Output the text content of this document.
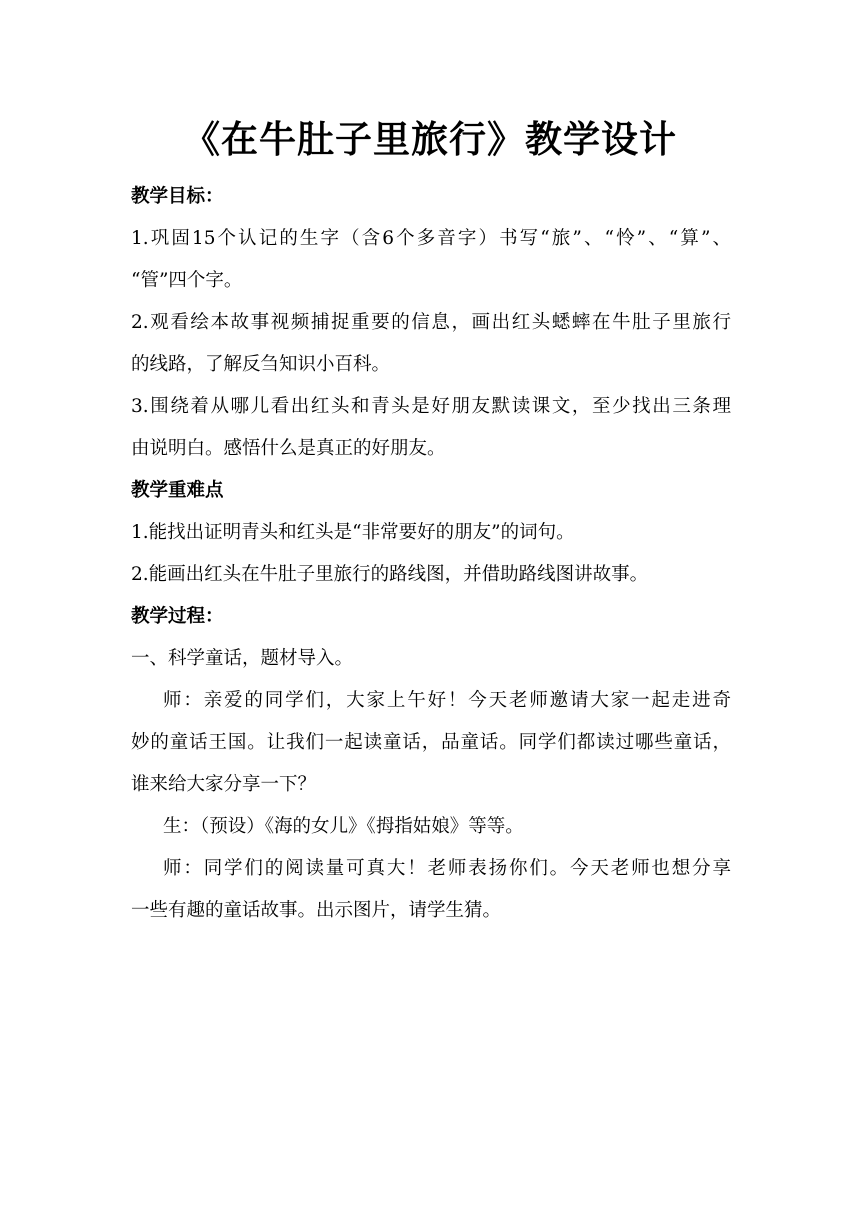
《在牛肚子里旅行》教学设计

教学目标：

1.巩固15个认记的生字（含6个多音字）书写“旅”、“怜”、“算”、

“管”四个字。

2.观看绘本故事视频捕捉重要的信息，画出红头蟋蟀在牛肚子里旅行

的线路，了解反刍知识小百科。

3.围绕着从哪儿看出红头和青头是好朋友默读课文，至少找出三条理

由说明白。感悟什么是真正的好朋友。

教学重难点

1.能找出证明青头和红头是“非常要好的朋友”的词句。

2.能画出红头在牛肚子里旅行的路线图，并借助路线图讲故事。

教学过程：

一、科学童话，题材导入。

师：亲爱的同学们，大家上午好！今天老师邀请大家一起走进奇

妙的童话王国。让我们一起读童话，品童话。同学们都读过哪些童话，

谁来给大家分享一下？

生：（预设）《海的女儿》《拇指姑娘》等等。

师：同学们的阅读量可真大！老师表扬你们。今天老师也想分享

一些有趣的童话故事。出示图片，请学生猜。
